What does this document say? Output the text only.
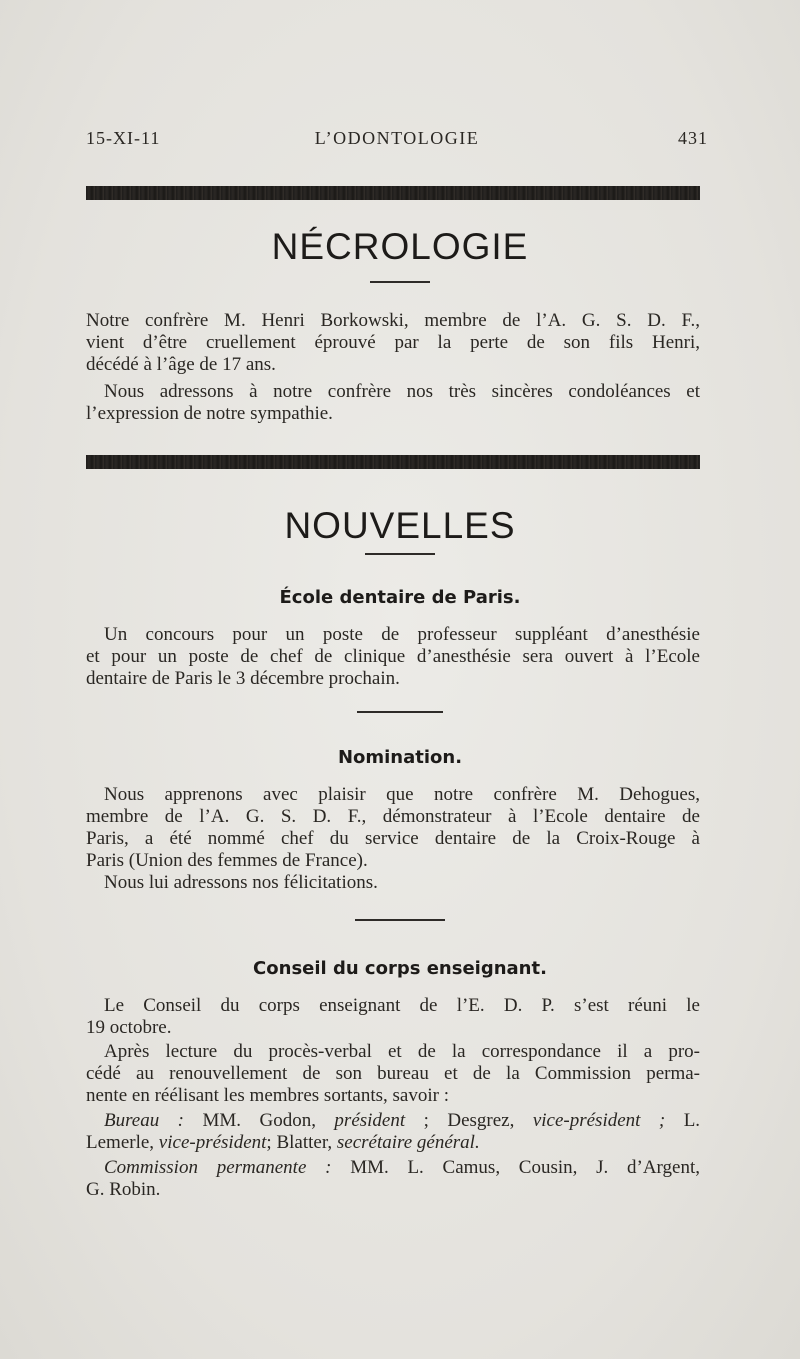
15-XI-11	L’ODONTOLOGIE	431
NÉCROLOGIE
Notre confrère M. Henri Borkowski, membre de l’A. G. S. D. F.,
vient d’être cruellement éprouvé par la perte de son fils Henri,
décédé à l’âge de 17 ans.
Nous adressons à notre confrère nos très sincères condoléances et
l’expression de notre sympathie.
NOUVELLES
École dentaire de Paris.
Un concours pour un poste de professeur suppléant d’anesthésie
et pour un poste de chef de clinique d’anesthésie sera ouvert à l’Ecole
dentaire de Paris le 3 décembre prochain.
Nomination.
Nous apprenons avec plaisir que notre confrère M. Dehogues,
membre de l’A. G. S. D. F., démonstrateur à l’Ecole dentaire de
Paris, a été nommé chef du service dentaire de la Croix-Rouge à
Paris (Union des femmes de France).
Nous lui adressons nos félicitations.
Conseil du corps enseignant.
Le Conseil du corps enseignant de l’E. D. P. s’est réuni le
19 octobre.
Après lecture du procès-verbal et de la correspondance il a pro-
cédé au renouvellement de son bureau et de la Commission perma-
nente en réélisant les membres sortants, savoir :
Bureau : MM. Godon, président ; Desgrez, vice-président ; L.
Lemerle, vice-président; Blatter, secrétaire général.
Commission permanente : MM. L. Camus, Cousin, J. d’Argent,
G. Robin.
